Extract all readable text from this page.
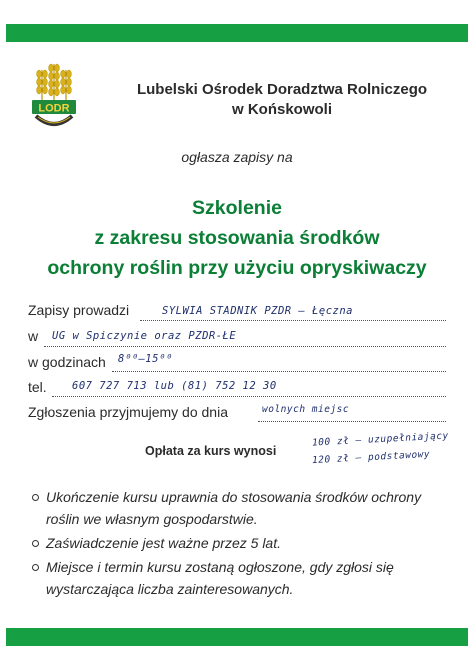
LODR
Lubelski Ośrodek Doradztwa Rolniczego
w Końskowoli
ogłasza zapisy na
Szkolenie
z zakresu stosowania środków
ochrony roślin przy użyciu opryskiwaczy
Zapisy prowadzi	SYLWIA STADNIK PZDR – Łęczna
w UG w Spiczynie oraz PZDR-ŁE
w godzinach 8⁰⁰–15⁰⁰
tel. 607 727 713 lub (81) 752 12 30
Zgłoszenia przyjmujemy do dnia	wolnych miejsc
Opłata za kurs wynosi
100 zł – uzupełniający
120 zł – podstawowy
Ukończenie kursu uprawnia do stosowania środków ochrony roślin we własnym gospodarstwie.
Zaświadczenie jest ważne przez 5 lat.
Miejsce i termin kursu zostaną ogłoszone, gdy zgłosi się wystarczająca liczba zainteresowanych.
